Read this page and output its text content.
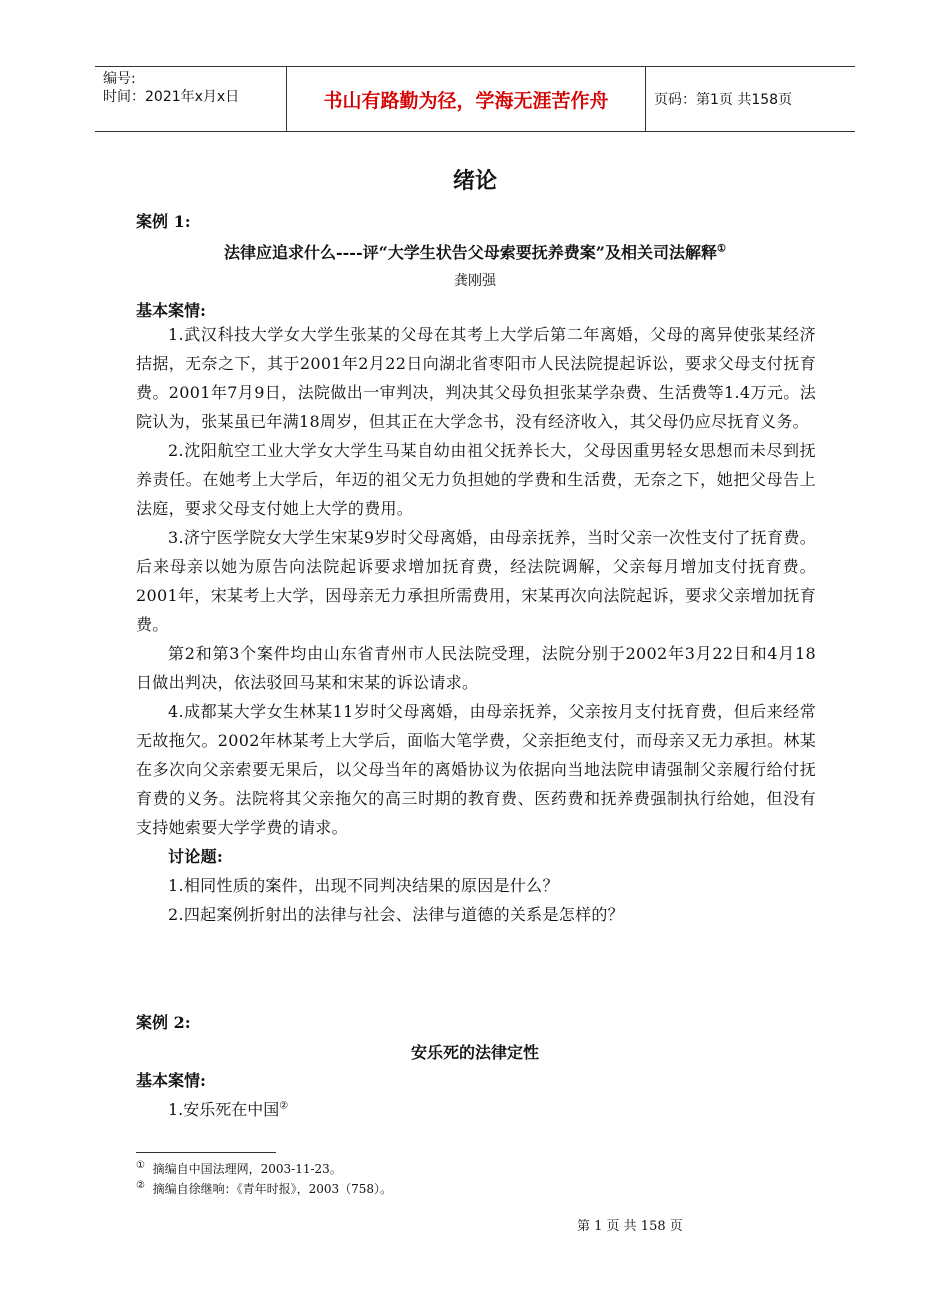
编号:
时间：2021年x月x日	书山有路勤为径，学海无涯苦作舟	页码：第1页 共158页
绪论
案例 1:
法律应追求什么----评“大学生状告父母索要抚养费案”及相关司法解释①
龚刚强
基本案情:

1.武汉科技大学女大学生张某的父母在其考上大学后第二年离婚，父母的离异使张某经济拮据，无奈之下，其于2001年2月22日向湖北省枣阳市人民法院提起诉讼，要求父母支付抚育费。2001年7月9日，法院做出一审判决，判决其父母负担张某学杂费、生活费等1.4万元。法院认为，张某虽已年满18周岁，但其正在大学念书，没有经济收入，其父母仍应尽抚育义务。

2.沈阳航空工业大学女大学生马某自幼由祖父抚养长大，父母因重男轻女思想而未尽到抚养责任。在她考上大学后，年迈的祖父无力负担她的学费和生活费，无奈之下，她把父母告上法庭，要求父母支付她上大学的费用。

3.济宁医学院女大学生宋某9岁时父母离婚，由母亲抚养，当时父亲一次性支付了抚育费。后来母亲以她为原告向法院起诉要求增加抚育费，经法院调解，父亲每月增加支付抚育费。2001年，宋某考上大学，因母亲无力承担所需费用，宋某再次向法院起诉，要求父亲增加抚育费。

第2和第3个案件均由山东省青州市人民法院受理，法院分别于2002年3月22日和4月18 日做出判决，依法驳回马某和宋某的诉讼请求。

4.成都某大学女生林某11岁时父母离婚，由母亲抚养，父亲按月支付抚育费，但后来经常无故拖欠。2002年林某考上大学后，面临大笔学费，父亲拒绝支付，而母亲又无力承担。林某在多次向父亲索要无果后，以父母当年的离婚协议为依据向当地法院申请强制父亲履行给付抚育费的义务。法院将其父亲拖欠的高三时期的教育费、医药费和抚养费强制执行给她，但没有支持她索要大学学费的请求。

讨论题:

1.相同性质的案件，出现不同判决结果的原因是什么？

2.四起案例折射出的法律与社会、法律与道德的关系是怎样的？

案例 2:
安乐死的法律定性
基本案情:
1.安乐死在中国②
① 摘编自中国法理网，2003-11-23。
② 摘编自徐继响：《青年时报》，2003（758）。
第 1 页 共 158 页
